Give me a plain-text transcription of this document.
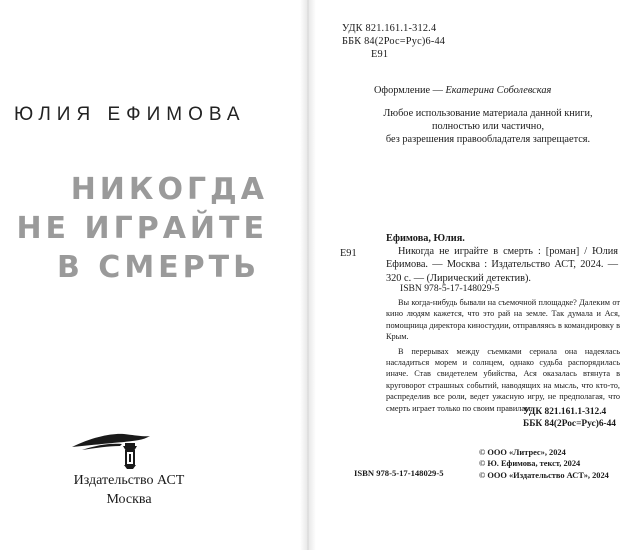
ЮЛИЯ ЕФИМОВА
НИКОГДА
НЕ ИГРАЙТЕ
В СМЕРТЬ
Издательство АСТ
Москва
УДК 821.161.1-312.4
ББК 84(2Рос=Рус)6-44
Е91
Оформление — Екатерина Соболевская
Любое использование материала данной книги,
полностью или частично,
без разрешения правообладателя запрещается.
Е91
Ефимова, Юлия.
Никогда не играйте в смерть : [роман] / Юлия Ефимова. — Москва : Издательство АСТ, 2024. — 320 с. — (Лирический детектив).
ISBN 978-5-17-148029-5

Вы когда-нибудь бывали на съемочной площадке? Далеким от кино людям кажется, что это рай на земле. Так думала и Ася, помощница директора киностудии, отправляясь в командировку в Крым.

В перерывах между съемками сериала она надеялась насладиться морем и солнцем, однако судьба распорядилась иначе. Став свидетелем убийства, Ася оказалась втянута в круговорот страшных событий, наводящих на мысль, что кто-то, распределив все роли, ведет ужасную игру, не предполагая, что смерть играет только по своим правилам.

УДК 821.161.1-312.4
ББК 84(2Рос=Рус)6-44
ISBN 978-5-17-148029-5
© ООО «Литрес», 2024
© Ю. Ефимова, текст, 2024
© ООО «Издательство АСТ», 2024
